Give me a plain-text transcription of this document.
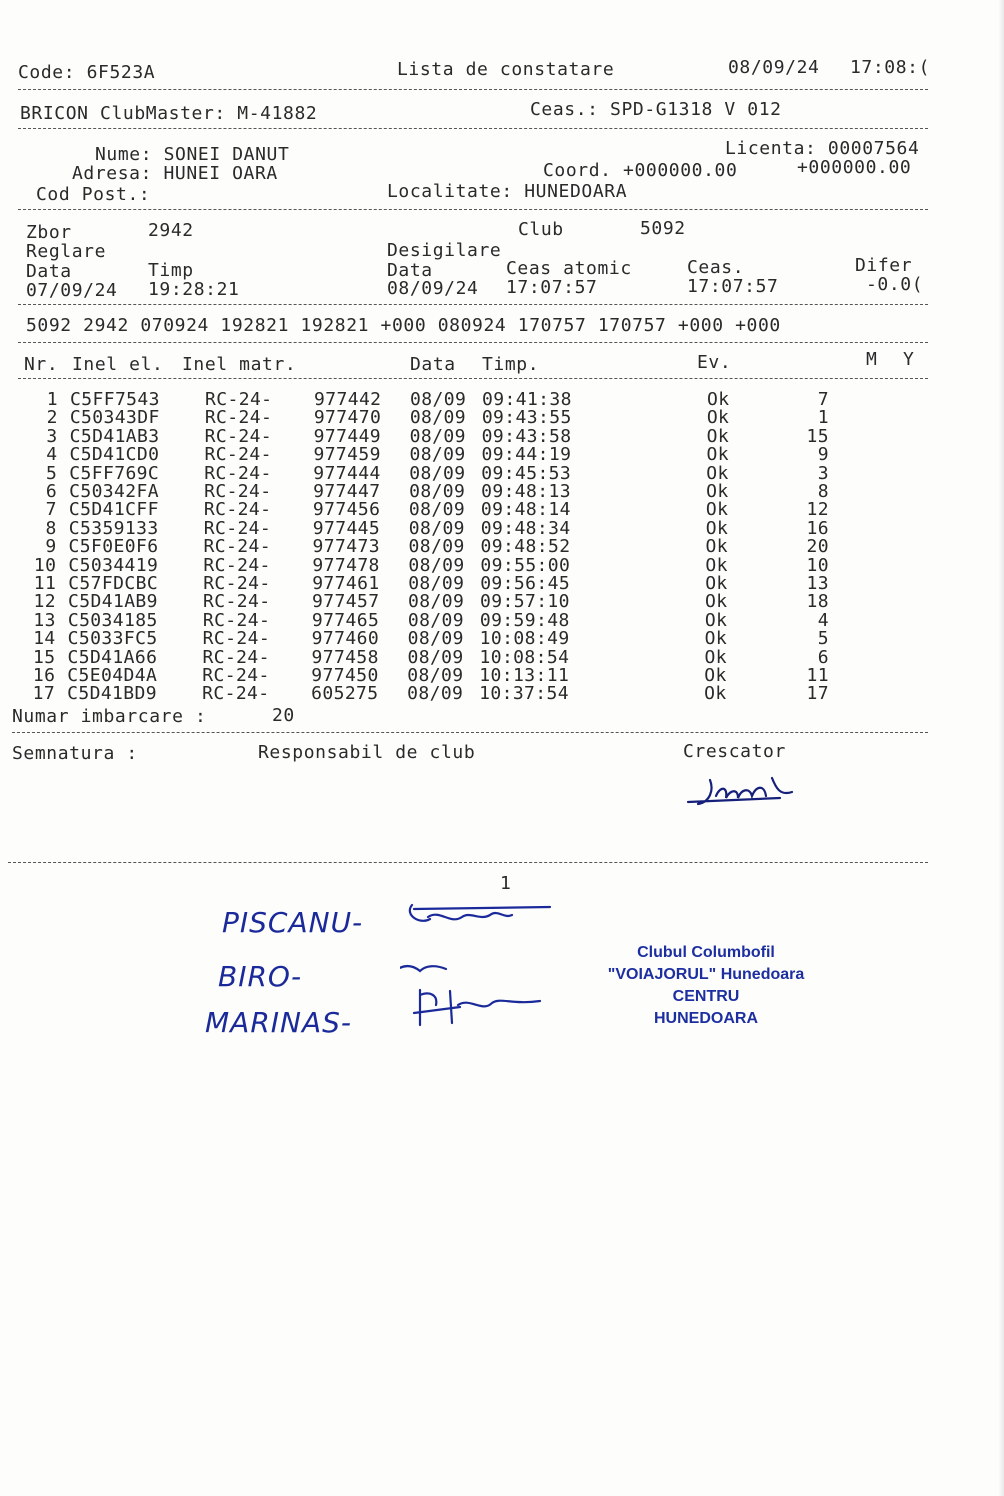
Code: 6F523A	Lista de constatare	08/09/24 17:08:(
BRICON ClubMaster: M-41882	Ceas.: SPD-G1318 V 012
Nume: SONEI DANUT	Licenta: 00007564
Adresa: HUNEI OARA	Coord. +000000.00	+000000.00
Cod Post.:	Localitate: HUNEDOARA
Zbor	2942	Club	5092
Reglare	Desigilare
Data	Timp	Data	Ceas atomic	Ceas.	Difer
07/09/24 19:28:21	08/09/24 17:07:57	17:07:57	-0.0(
5092 2942 070924 192821 192821 +000 080924 170757 170757 +000 +000
Nr. Inel el. Inel matr.	Data Timp.	Ev.	M Y
1 C5FF7543	RC-24- 977442 08/09 09:41:38	Ok	7
2 C50343DF	RC-24- 977470 08/09 09:43:55	Ok	1
3 C5D41AB3	RC-24- 977449 08/09 09:43:58	Ok	15
4 C5D41CD0	RC-24- 977459 08/09 09:44:19	Ok	9
5 C5FF769C	RC-24- 977444 08/09 09:45:53	Ok	3
6 C50342FA	RC-24- 977447 08/09 09:48:13	Ok	8
7 C5D41CFF	RC-24- 977456 08/09 09:48:14	Ok	12
8 C5359133	RC-24- 977445 08/09 09:48:34	Ok	16
9 C5F0E0F6	RC-24- 977473 08/09 09:48:52	Ok	20
10 C5034419	RC-24- 977478 08/09 09:55:00	Ok	10
11 C57FDCBC	RC-24- 977461 08/09 09:56:45	Ok	13
12 C5D41AB9	RC-24- 977457 08/09 09:57:10	Ok	18
13 C5034185	RC-24- 977465 08/09 09:59:48	Ok	4
14 C5033FC5	RC-24- 977460 08/09 10:08:49	Ok	5
15 C5D41A66	RC-24- 977458 08/09 10:08:54	Ok	6
16 C5E04D4A	RC-24- 977450 08/09 10:13:11	Ok	11
17 C5D41BD9	RC-24- 605275 08/09 10:37:54	Ok	17
Numar imbarcare :	20
Semnatura :	Responsabil de club	Crescator
1
PISCANU-
BIRO-
MARINAS-
Clubul Columbofil
"VOIAJORUL" Hunedoara
CENTRU
HUNEDOARA
